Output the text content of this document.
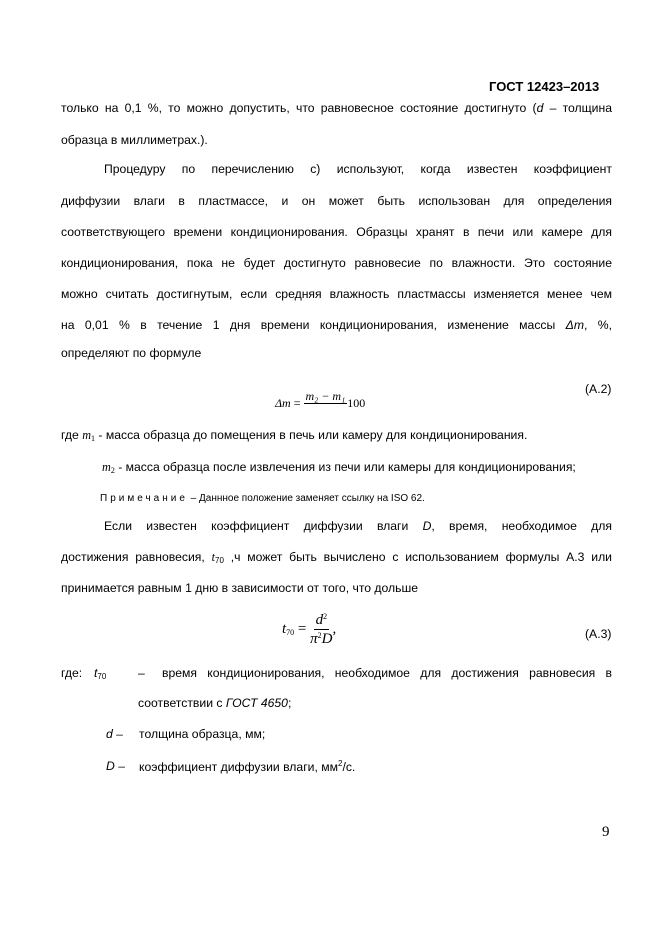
ГОСТ 12423–2013
только на 0,1 %, то можно допустить, что равновесное состояние достигнуто (d – толщина
образца в миллиметрах.).
Процедуру по перечислению с) используют, когда известен коэффициент
диффузии влаги в пластмассе, и он может быть использован для определения
соответствующего времени кондиционирования. Образцы хранят в печи или камере для
кондиционирования, пока не будет достигнуто равновесие по влажности. Это состояние
можно считать достигнутым, если средняя влажность пластмассы изменяется менее чем
на 0,01 % в течение 1 дня времени кондиционирования, изменение массы Δm, %,
определяют по формуле
Δm = m₂ − m₁
100
(A.2)
где $m_1$ - масса образца до помещения в печь или камеру для кондиционирования.
$m_2$ - масса образца после извлечения из печи или камеры для кондиционирования;
Примечание – Даннное положение заменяет ссылку на ISO 62.
Если известен коэффициент диффузии влаги D, время, необходимое для
достижения равновесия, $t_{70}$ ,ч может быть вычислено с использованием формулы А.3 или
принимается равным 1 дню в зависимости от того, что дольше
$t_{70} = \frac{d^2}{\pi^2D}$ ,	(A.3)
где: $t_{70}$	– время кондиционирования, необходимое для достижения равновесия в
соответствии с ГОСТ 4650;
d – толщина образца, мм;
D – коэффициент диффузии влаги, $мм^2/с$.
9
